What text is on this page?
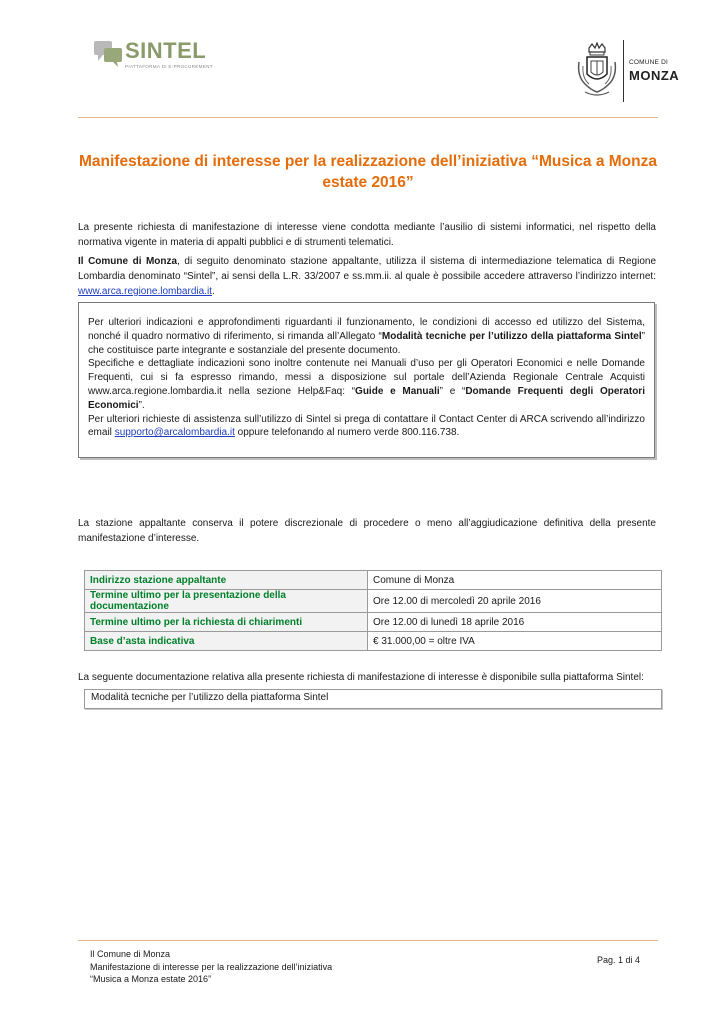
SINTEL
PIATTAFORMA DI E-PROCUREMENT
COMUNE DI
MONZA
Manifestazione di interesse per la realizzazione dell’iniziativa “Musica a Monza estate 2016”
La presente richiesta di manifestazione di interesse viene condotta mediante l’ausilio di sistemi informatici, nel rispetto della normativa vigente in materia di appalti pubblici e di strumenti telematici.
Il Comune di Monza, di seguito denominato stazione appaltante, utilizza il sistema di intermediazione telematica di Regione Lombardia denominato “Sintel”, ai sensi della L.R. 33/2007 e ss.mm.ii. al quale è possibile accedere attraverso l’indirizzo internet: www.arca.regione.lombardia.it.

Per ulteriori indicazioni e approfondimenti riguardanti il funzionamento, le condizioni di accesso ed utilizzo del Sistema, nonché il quadro normativo di riferimento, si rimanda all’Allegato “Modalità tecniche per l’utilizzo della piattaforma Sintel” che costituisce parte integrante e sostanziale del presente documento.

Specifiche e dettagliate indicazioni sono inoltre contenute nei Manuali d’uso per gli Operatori Economici e nelle Domande Frequenti, cui si fa espresso rimando, messi a disposizione sul portale dell’Azienda Regionale Centrale Acquisti www.arca.regione.lombardia.it nella sezione Help&Faq: “Guide e Manuali” e “Domande Frequenti degli Operatori Economici”.

Per ulteriori richieste di assistenza sull’utilizzo di Sintel si prega di contattare il Contact Center di ARCA scrivendo all’indirizzo email supporto@arcalombardia.it oppure telefonando al numero verde 800.116.738.

La stazione appaltante conserva il potere discrezionale di procedere o meno all’aggiudicazione definitiva della presente manifestazione d’interesse.
Indirizzo stazione appaltante	Comune di Monza
Termine ultimo per la presentazione della documentazione	Ore 12.00 di mercoledì 20 aprile 2016
Termine ultimo per la richiesta di chiarimenti	Ore 12.00 di lunedì 18 aprile 2016
Base d’asta indicativa	€ 31.000,00 = oltre IVA
La seguente documentazione relativa alla presente richiesta di manifestazione di interesse è disponibile sulla piattaforma Sintel:
Modalità tecniche per l’utilizzo della piattaforma Sintel
Il Comune di Monza
Manifestazione di interesse per la realizzazione dell’iniziativa
“Musica a Monza estate 2016”
Pag. 1 di 4
